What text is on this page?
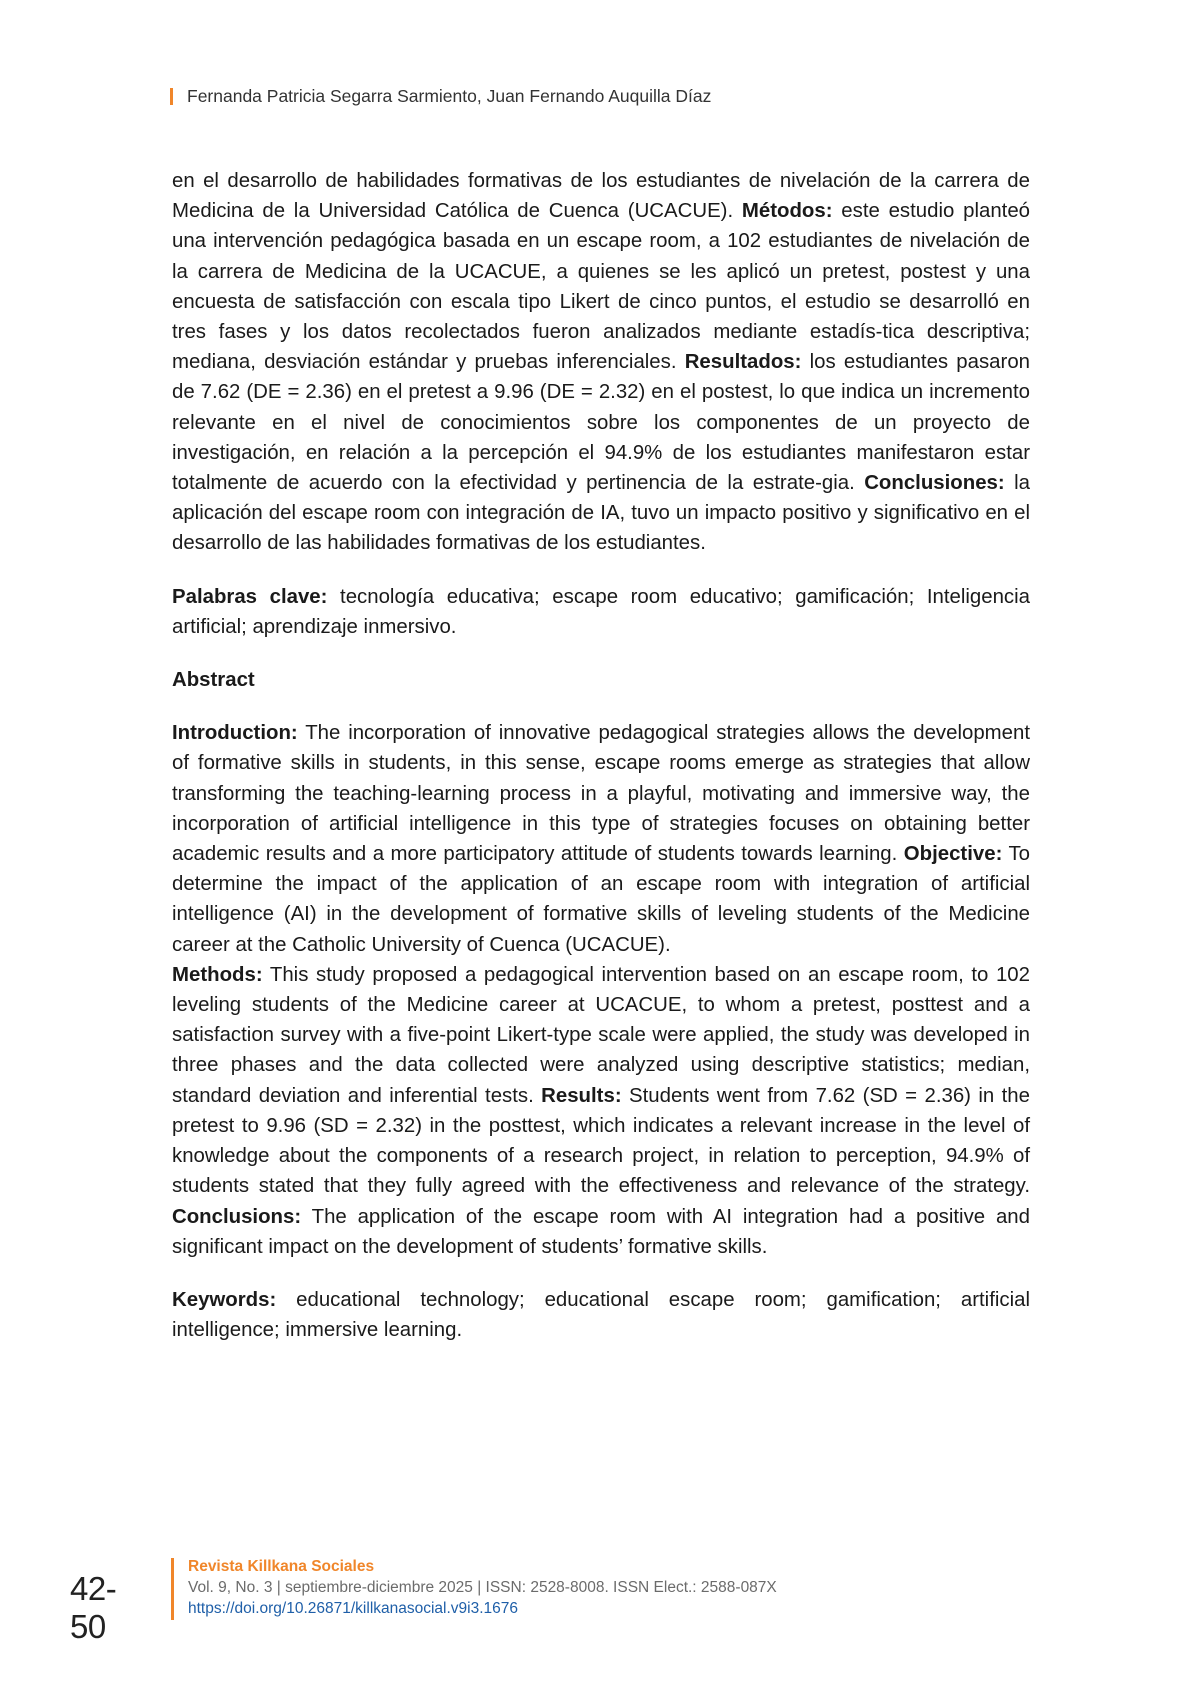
Fernanda Patricia Segarra Sarmiento, Juan Fernando Auquilla Díaz

en el desarrollo de habilidades formativas de los estudiantes de nivelación de la carrera de Medicina de la Universidad Católica de Cuenca (UCACUE). Métodos: este estudio planteó una intervención pedagógica basada en un escape room, a 102 estudiantes de nivelación de la carrera de Medicina de la UCACUE, a quienes se les aplicó un pretest, postest y una encuesta de satisfacción con escala tipo Likert de cinco puntos, el estudio se desarrolló en tres fases y los datos recolectados fueron analizados mediante estadís-tica descriptiva; mediana, desviación estándar y pruebas inferenciales. Resultados: los estudiantes pasaron de 7.62 (DE = 2.36) en el pretest a 9.96 (DE = 2.32) en el postest, lo que indica un incremento relevante en el nivel de conocimientos sobre los componentes de un proyecto de investigación, en relación a la percepción el 94.9% de los estudiantes manifestaron estar totalmente de acuerdo con la efectividad y pertinencia de la estrate-gia. Conclusiones: la aplicación del escape room con integración de IA, tuvo un impacto positivo y significativo en el desarrollo de las habilidades formativas de los estudiantes.

Palabras clave: tecnología educativa; escape room educativo; gamificación; Inteligencia artificial; aprendizaje inmersivo.

Abstract

Introduction: The incorporation of innovative pedagogical strategies allows the development of formative skills in students, in this sense, escape rooms emerge as strategies that allow transforming the teaching-learning process in a playful, motivating and immersive way, the incorporation of artificial intelligence in this type of strategies focuses on obtaining better academic results and a more participatory attitude of students towards learning. Objective: To determine the impact of the application of an escape room with integration of artificial intelligence (AI) in the development of formative skills of leveling students of the Medicine career at the Catholic University of Cuenca (UCACUE).
Methods: This study proposed a pedagogical intervention based on an escape room, to 102 leveling students of the Medicine career at UCACUE, to whom a pretest, posttest and a satisfaction survey with a five-point Likert-type scale were applied, the study was developed in three phases and the data collected were analyzed using descriptive statistics; median, standard deviation and inferential tests. Results: Students went from 7.62 (SD = 2.36) in the pretest to 9.96 (SD = 2.32) in the posttest, which indicates a relevant increase in the level of knowledge about the components of a research project, in relation to perception, 94.9% of students stated that they fully agreed with the effectiveness and relevance of the strategy. Conclusions: The application of the escape room with AI integration had a positive and significant impact on the development of students’ formative skills.

Keywords: educational technology; educational escape room; gamification; artificial intelligence; immersive learning.

42-50
Revista Killkana Sociales
Vol. 9, No. 3 | septiembre-diciembre 2025 | ISSN: 2528-8008. ISSN Elect.: 2588-087X
https://doi.org/10.26871/killkanasocial.v9i3.1676
